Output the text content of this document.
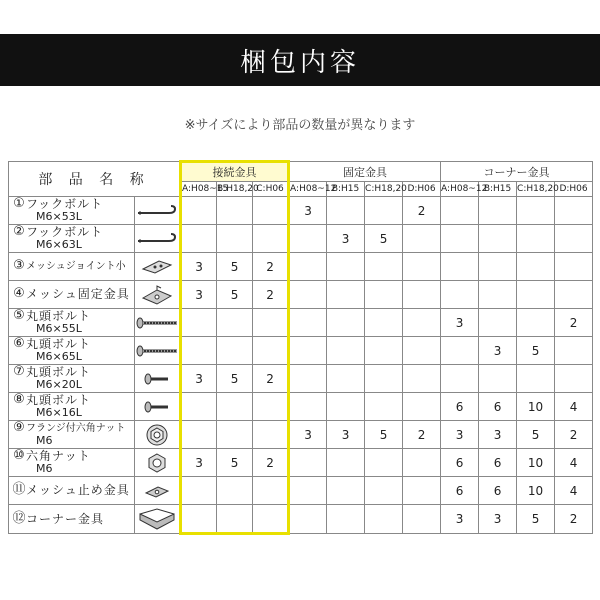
梱包内容
※サイズにより部品の数量が異なります
部 品 名 称		接続金具			固定金具				コーナー金具			
		A:H08~15	B:H18,20	C:H06	A:H08~12	B:H15	C:H18,20	D:H06	A:H08~12	B:H15	C:H18,20	D:H06
①フックボルト
M6×53L					3			2				
②フックボルト
M6×63L						3	5					
③メッシュジョイント小		3	5	2								
④メッシュ固定金具		3	5	2								
⑤丸頭ボルト
M6×55L									3			2
⑥丸頭ボルト
M6×65L										3	5	
⑦丸頭ボルト
M6×20L		3	5	2								
⑧丸頭ボルト
M6×16L									6	6	10	4
⑨フランジ付六角ナット
M6					3	3	5	2	3	3	5	2
⑩六角ナット
M6		3	5	2					6	6	10	4
⑪メッシュ止め金具									6	6	10	4
⑫コーナー金具									3	3	5	2
